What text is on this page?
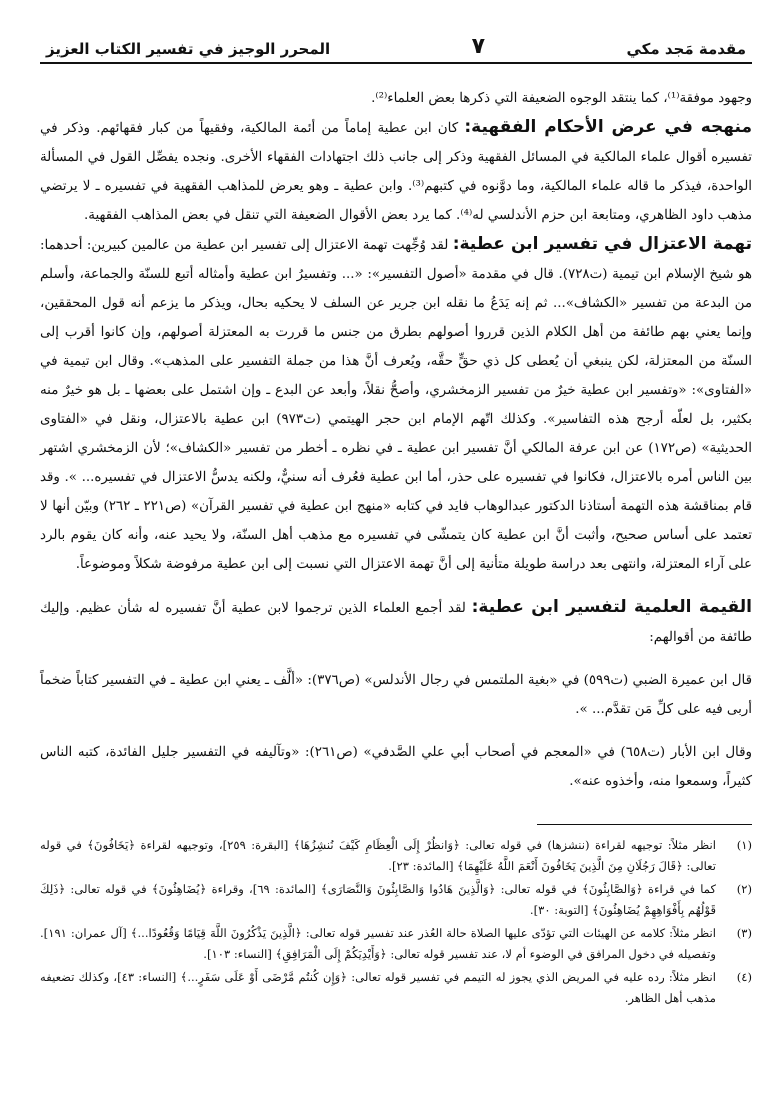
مقدمة مَجد مكي
٧
المحرر الوجيز في تفسير الكتاب العزيز

وجهود موفقة⁽¹⁾، كما ينتقد الوجوه الضعيفة التي ذكرها بعض العلماء⁽²⁾.

منهجه في عرض الأحكام الفقهية: كان ابن عطية إماماً من أئمة المالكية، وفقيهاً من كبار فقهائهم. وذكر في تفسيره أقوال علماء المالكية في المسائل الفقهية وذكر إلى جانب ذلك اجتهادات الفقهاء الأخرى. ونجده يفصِّل القول في المسألة الواحدة، فيذكر ما قاله علماء المالكية، وما دوَّنوه في كتبهم⁽³⁾. وابن عطية ـ وهو يعرض للمذاهب الفقهية في تفسيره ـ لا يرتضي مذهب داود الظاهري، ومتابعة ابن حزم الأندلسي له⁽⁴⁾. كما يرد بعض الأقوال الضعيفة التي تنقل في بعض المذاهب الفقهية.

تهمة الاعتزال في تفسير ابن عطية: لقد وُجِّهت تهمة الاعتزال إلى تفسير ابن عطية من عالمين كبيرين: أحدهما: هو شيخ الإسلام ابن تيمية (ت٧٢٨). قال في مقدمة «أصول التفسير»: «... وتفسيرُ ابن عطية وأمثاله أتبع للسنّة والجماعة، وأسلم من البدعة من تفسير «الكشاف»... ثم إنه يَدَعُ ما نقله ابن جرير عن السلف لا يحكيه بحال، ويذكر ما يزعم أنه قول المحققين، وإنما يعني بهم طائفة من أهل الكلام الذين قرروا أصولهم بطرق من جنس ما قررت به المعتزلة أصولهم، وإن كانوا أقرب إلى السنّة من المعتزلة، لكن ينبغي أن يُعطى كل ذي حقٍّ حقَّه، ويُعرف أنَّ هذا من جملة التفسير على المذهب». وقال ابن تيمية في «الفتاوى»: «وتفسير ابن عطية خيرٌ من تفسير الزمخشري، وأصحُّ نقلاً، وأبعد عن البدع ـ وإن اشتمل على بعضها ـ بل هو خيرٌ منه بكثير، بل لعلّه أرجح هذه التفاسير». وكذلك اتّهم الإمام ابن حجر الهيتمي (ت٩٧٣) ابن عطية بالاعتزال، ونقل في «الفتاوى الحديثية» (ص١٧٢) عن ابن عرفة المالكي أنَّ تفسير ابن عطية ـ في نظره ـ أخطر من تفسير «الكشاف»؛ لأن الزمخشري اشتهر بين الناس أمره بالاعتزال، فكانوا في تفسيره على حذر، أما ابن عطية فعُرف أنه سنيٌّ، ولكنه يدسُّ الاعتزال في تفسيره... ». وقد قام بمناقشة هذه التهمة أستاذنا الدكتور عبدالوهاب فايد في كتابه «منهج ابن عطية في تفسير القرآن» (ص٢٢١ ـ ٢٦٢) وبيّن أنها لا تعتمد على أساس صحيح، وأثبت أنَّ ابن عطية كان يتمشّى في تفسيره مع مذهب أهل السنّة، ولا يحيد عنه، وأنه كان يقوم بالرد على آراء المعتزلة، وانتهى بعد دراسة طويلة متأنية إلى أنَّ تهمة الاعتزال التي نسبت إلى ابن عطية مرفوضة شكلاً وموضوعاً.

القيمة العلمية لتفسير ابن عطية: لقد أجمع العلماء الذين ترجموا لابن عطية أنَّ تفسيره له شأن عظيم. وإليك طائفة من أقوالهم:

قال ابن عميرة الضبي (ت٥٩٩) في «بغية الملتمس في رجال الأندلس» (ص٣٧٦): «ألَّف ـ يعني ابن عطية ـ في التفسير كتاباً ضخماً أربى فيه على كلِّ مَن تقدَّم... ».

وقال ابن الأبار (ت٦٥٨) في «المعجم في أصحاب أبي علي الصَّدفي» (ص٢٦١): «وتآليفه في التفسير جليل الفائدة، كتبه الناس كثيراً، وسمعوا منه، وأخذوه عنه».

(١)
انظر مثلاً: توجيهه لقراءة (ننشزها) في قوله تعالى: ﴿وَانظُرْ إِلَى الْعِظَامِ كَيْفَ نُنشِزُهَا﴾ [البقرة: ٢٥٩]، وتوجيهه لقراءة ﴿يَخَافُونَ﴾ في قوله تعالى: ﴿قَالَ رَجُلَانِ مِنَ الَّذِينَ يَخَافُونَ أَنْعَمَ اللَّهُ عَلَيْهِمَا﴾ [المائدة: ٢٣].
(٢)
كما في قراءة ﴿وَالصَّابِئُونَ﴾ في قوله تعالى: ﴿وَالَّذِينَ هَادُوا وَالصَّابِئُونَ وَالنَّصَارَى﴾ [المائدة: ٦٩]، وقراءة ﴿يُضَاهِئُونَ﴾ في قوله تعالى: ﴿ذَلِكَ قَوْلُهُم بِأَفْوَاهِهِمْ يُضَاهِئُونَ﴾ [التوبة: ٣٠].
(٣)
انظر مثلاً: كلامه عن الهيئات التي تؤدّى عليها الصلاة حالة العُذر عند تفسير قوله تعالى: ﴿الَّذِينَ يَذْكُرُونَ اللَّهَ قِيَامًا وَقُعُودًا...﴾ [آل عمران: ١٩١]. وتفصيله في دخول المرافق في الوضوء أم لا، عند تفسير قوله تعالى: ﴿وَأَيْدِيَكُمْ إِلَى الْمَرَافِقِ﴾ [النساء: ١٠٣].
(٤)
انظر مثلاً: رده عليه في المريض الذي يجوز له التيمم في تفسير قوله تعالى: ﴿وَإِن كُنتُم مَّرْضَى أَوْ عَلَى سَفَرٍ...﴾ [النساء: ٤٣]، وكذلك تضعيفه مذهب أهل الظاهر.
